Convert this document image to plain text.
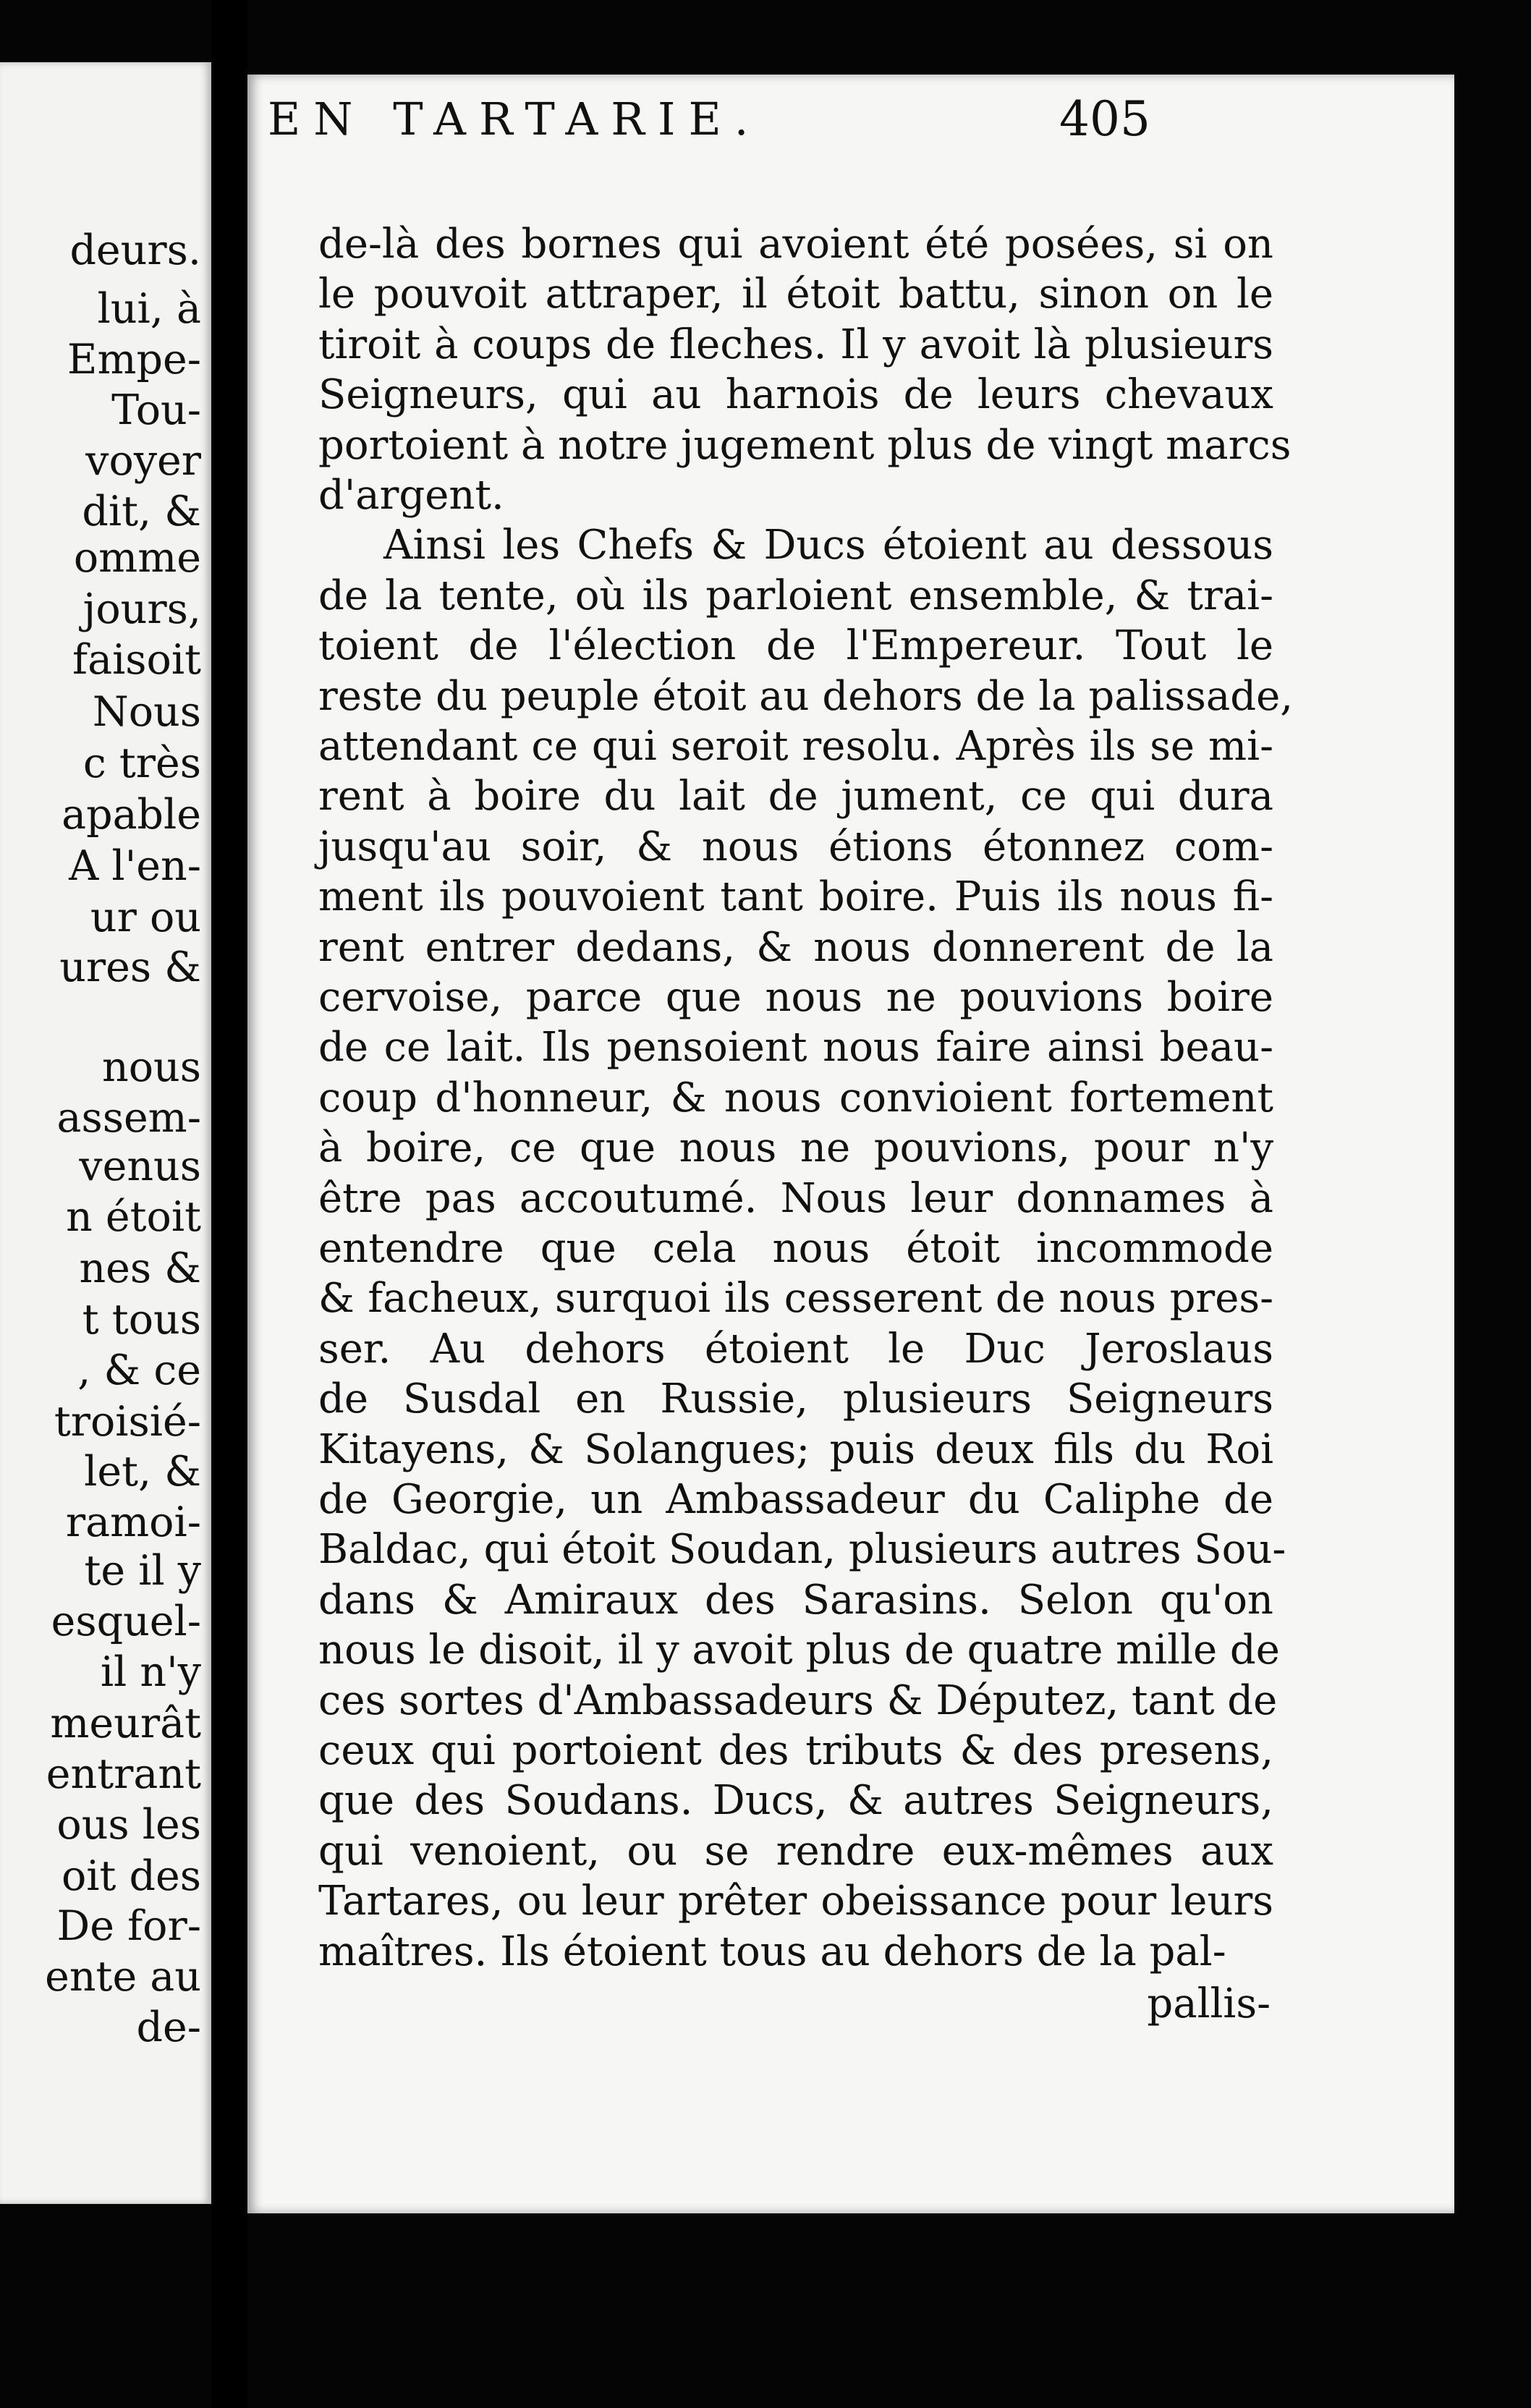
deurs.
lui, à
Empe-
Tou-
voyer
dit, &
omme
jours,
faisoit
Nous
c très
apable
A l'en-
ur ou
ures &
nous
assem-
venus
n étoit
nes &
t tous
, & ce
troisié-
let, &
ramoi-
te il y
esquel-
il n'y
meurât
entrant
ous les
oit des
De for-
ente au
de-
EN TARTARIE.	405
de-là des bornes qui avoient été posées, si on
le pouvoit attraper, il étoit battu, sinon on le
tiroit à coups de fleches. Il y avoit là plusieurs
Seigneurs, qui au harnois de leurs chevaux
portoient à notre jugement plus de vingt marcs
d'argent.
Ainsi les Chefs & Ducs étoient au dessous
de la tente, où ils parloient ensemble, & trai-
toient de l'élection de l'Empereur. Tout le
reste du peuple étoit au dehors de la palissade,
attendant ce qui seroit resolu. Après ils se mi-
rent à boire du lait de jument, ce qui dura
jusqu'au soir, & nous étions étonnez com-
ment ils pouvoient tant boire. Puis ils nous fi-
rent entrer dedans, & nous donnerent de la
cervoise, parce que nous ne pouvions boire
de ce lait. Ils pensoient nous faire ainsi beau-
coup d'honneur, & nous convioient fortement
à boire, ce que nous ne pouvions, pour n'y
être pas accoutumé. Nous leur donnames à
entendre que cela nous étoit incommode
& facheux, surquoi ils cesserent de nous pres-
ser. Au dehors étoient le Duc Jeroslaus
de Susdal en Russie, plusieurs Seigneurs
Kitayens, & Solangues; puis deux fils du Roi
de Georgie, un Ambassadeur du Caliphe de
Baldac, qui étoit Soudan, plusieurs autres Sou-
dans & Amiraux des Sarasins. Selon qu'on
nous le disoit, il y avoit plus de quatre mille de
ces sortes d'Ambassadeurs & Députez, tant de
ceux qui portoient des tributs & des presens,
que des Soudans. Ducs, & autres Seigneurs,
qui venoient, ou se rendre eux-mêmes aux
Tartares, ou leur prêter obeissance pour leurs
maîtres. Ils étoient tous au dehors de la pal-
pallis-
